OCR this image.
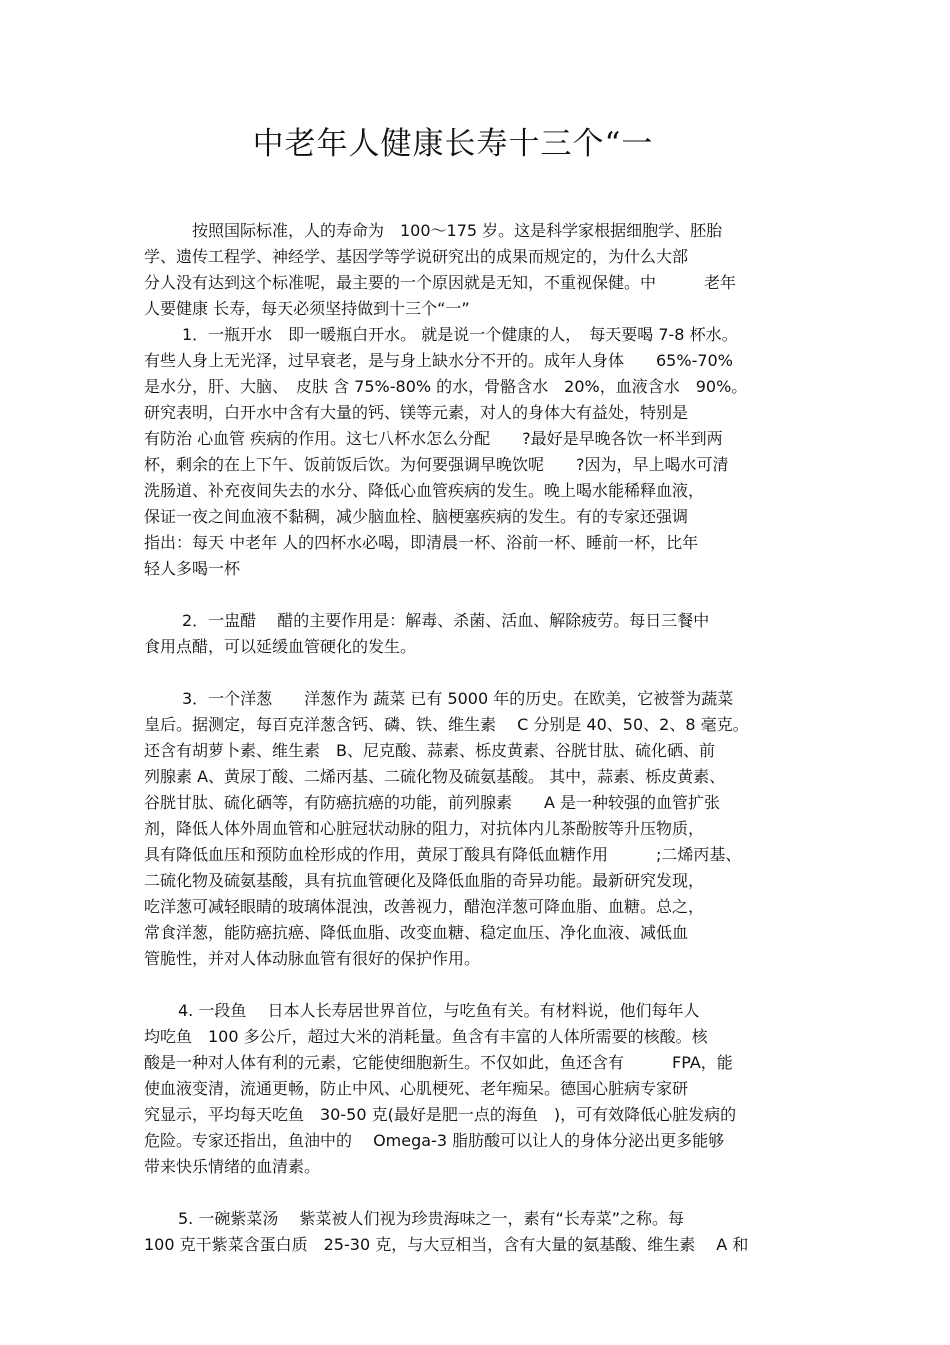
中老年人健康长寿十三个“一
按照国际标准，人的寿命为　100～175 岁。这是科学家根据细胞学、胚胎
学、遗传工程学、神经学、基因学等学说研究出的成果而规定的，为什么大部
分人没有达到这个标准呢，最主要的一个原因就是无知，不重视保健。中　　　老年
人要健康 长寿，每天必须坚持做到十三个“一”
1．一瓶开水　即一暖瓶白开水。 就是说一个健康的人，　每天要喝 7-8 杯水。
有些人身上无光泽，过早衰老，是与身上缺水分不开的。成年人身体　　65%-70%
是水分，肝、大脑、　皮肤 含 75%-80% 的水，骨骼含水　20%，血液含水　90%。
研究表明，白开水中含有大量的钙、镁等元素，对人的身体大有益处，特别是
有防治 心血管 疾病的作用。这七八杯水怎么分配　　?最好是早晚各饮一杯半到两
杯，剩余的在上下午、饭前饭后饮。为何要强调早晚饮呢　　?因为，早上喝水可清
洗肠道、补充夜间失去的水分、降低心血管疾病的发生。晚上喝水能稀释血液，
保证一夜之间血液不黏稠，减少脑血栓、脑梗塞疾病的发生。有的专家还强调
指出：每天 中老年 人的四杯水必喝，即清晨一杯、浴前一杯、睡前一杯，比年
轻人多喝一杯
2．一盅醋　 醋的主要作用是：解毒、杀菌、活血、解除疲劳。每日三餐中
食用点醋，可以延缓血管硬化的发生。
3．一个洋葱　　洋葱作为 蔬菜 已有 5000 年的历史。在欧美，它被誉为蔬菜
皇后。据测定，每百克洋葱含钙、磷、铁、维生素　 C 分别是 40、50、2、8 毫克。
还含有胡萝卜素、维生素　B、尼克酸、蒜素、栎皮黄素、谷胱甘肽、硫化硒、前
列腺素 A、黄尿丁酸、二烯丙基、二硫化物及硫氨基酸。 其中，蒜素、栎皮黄素、
谷胱甘肽、硫化硒等，有防癌抗癌的功能，前列腺素　　A 是一种较强的血管扩张
剂，降低人体外周血管和心脏冠状动脉的阻力，对抗体内儿茶酚胺等升压物质，
具有降低血压和预防血栓形成的作用，黄尿丁酸具有降低血糖作用　　　;二烯丙基、
二硫化物及硫氨基酸，具有抗血管硬化及降低血脂的奇异功能。最新研究发现，
吃洋葱可减轻眼睛的玻璃体混浊，改善视力，醋泡洋葱可降血脂、血糖。总之，
常食洋葱，能防癌抗癌、降低血脂、改变血糖、稳定血压、净化血液、减低血
管脆性，并对人体动脉血管有很好的保护作用。
4. 一段鱼　 日本人长寿居世界首位，与吃鱼有关。有材料说，他们每年人
均吃鱼　100 多公斤，超过大米的消耗量。鱼含有丰富的人体所需要的核酸。核
酸是一种对人体有利的元素，它能使细胞新生。不仅如此，鱼还含有　　　FPA，能
使血液变清，流通更畅，防止中风、心肌梗死、老年痴呆。德国心脏病专家研
究显示，平均每天吃鱼　30-50 克(最好是肥一点的海鱼　)，可有效降低心脏发病的
危险。专家还指出，鱼油中的　 Omega-3 脂肪酸可以让人的身体分泌出更多能够
带来快乐情绪的血清素。
5. 一碗紫菜汤　 紫菜被人们视为珍贵海味之一，素有“长寿菜”之称。每
100 克干紫菜含蛋白质　25-30 克，与大豆相当，含有大量的氨基酸、维生素　 A 和
